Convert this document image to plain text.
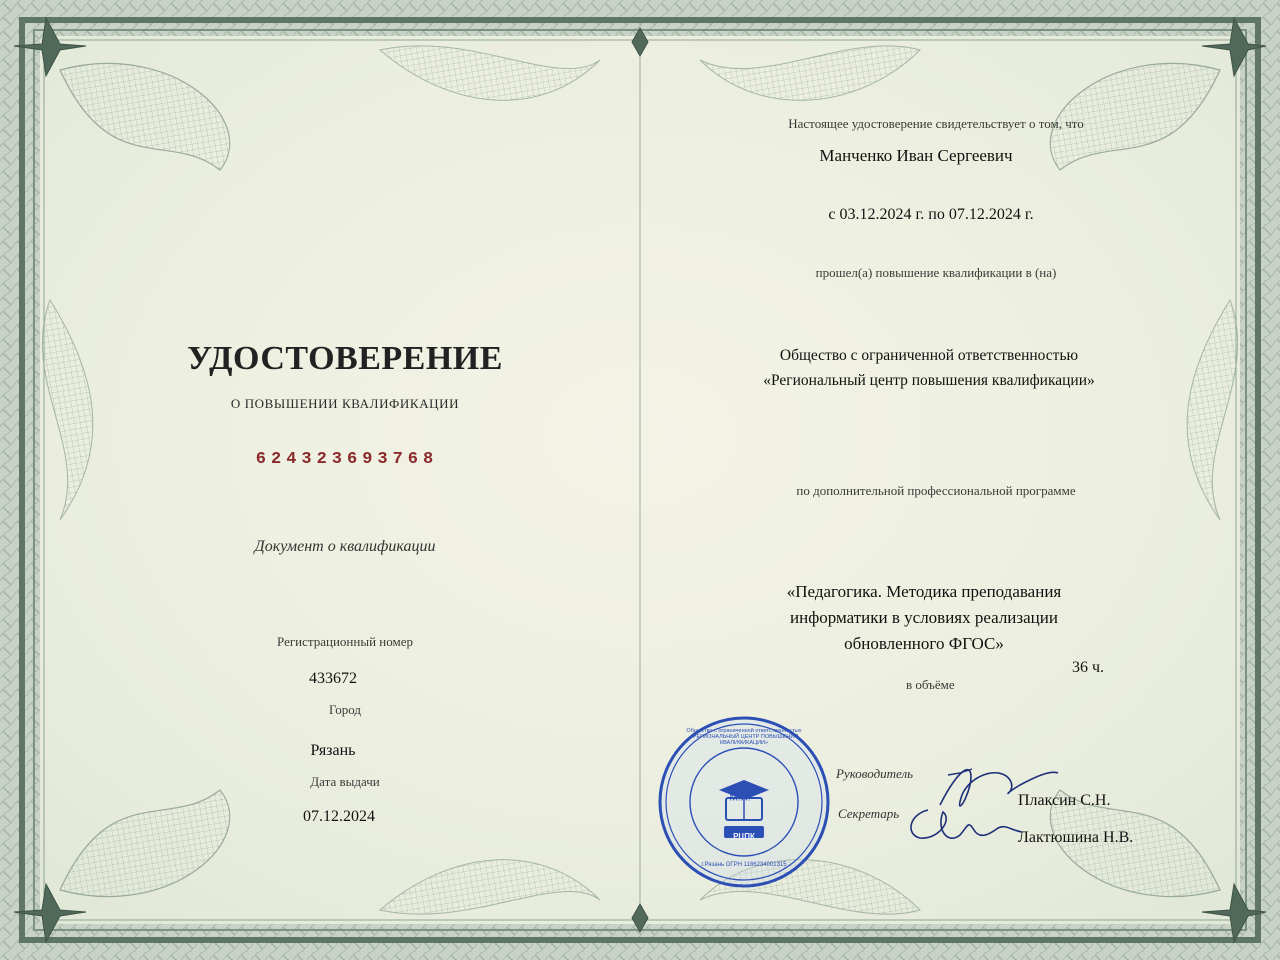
УДОСТОВЕРЕНИЕ
О ПОВЫШЕНИИ КВАЛИФИКАЦИИ
624323693768
Документ о квалификации
Регистрационный номер
433672
Город
Рязань
Дата выдачи
07.12.2024
Настоящее удостоверение свидетельствует о том, что
Манченко Иван Сергеевич
с 03.12.2024 г. по 07.12.2024 г.
прошел(а) повышение квалификации в (на)
Общество с ограниченной ответственностью
«Региональный центр повышения квалификации»
по дополнительной профессиональной программе
«Педагогика. Методика преподавания
информатики в условиях реализации
обновленного ФГОС»
36 ч.
в объёме
Руководитель
Секретарь
Плаксин С.Н.
Лактюшина Н.В.
М.П.
РЦПК
Общество с ограниченной ответственностью «РЕГИОНАЛЬНЫЙ ЦЕНТР ПОВЫШЕНИЯ КВАЛИФИКАЦИИ»
г.Рязань ОГРН 1186234001315
